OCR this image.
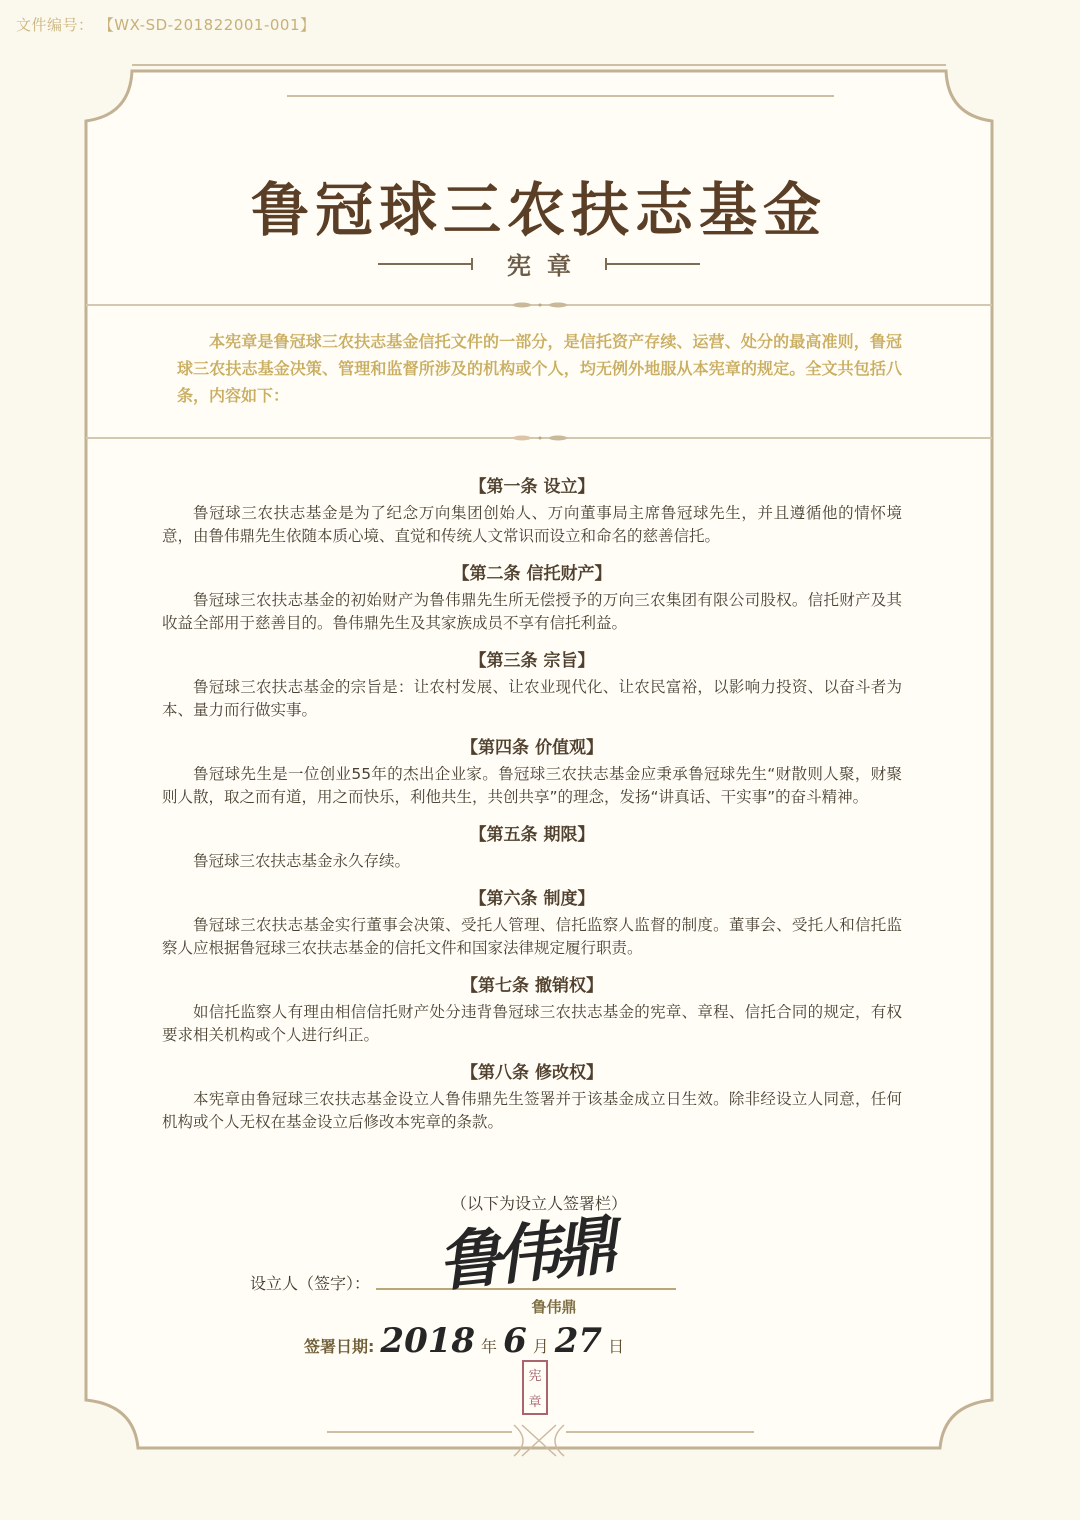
文件编号： 【WX-SD-201822001-001】
鲁冠球三农扶志基金
宪章

本宪章是鲁冠球三农扶志基金信托文件的一部分，是信托资产存续、运营、处分的最高准则，鲁冠球三农扶志基金决策、管理和监督所涉及的机构或个人，均无例外地服从本宪章的规定。全文共包括八条，内容如下：

【第一条 设立】

鲁冠球三农扶志基金是为了纪念万向集团创始人、万向董事局主席鲁冠球先生，并且遵循他的情怀境意，由鲁伟鼎先生依随本质心境、直觉和传统人文常识而设立和命名的慈善信托。

【第二条 信托财产】

鲁冠球三农扶志基金的初始财产为鲁伟鼎先生所无偿授予的万向三农集团有限公司股权。信托财产及其收益全部用于慈善目的。鲁伟鼎先生及其家族成员不享有信托利益。

【第三条 宗旨】

鲁冠球三农扶志基金的宗旨是：让农村发展、让农业现代化、让农民富裕，以影响力投资、以奋斗者为本、量力而行做实事。

【第四条 价值观】

鲁冠球先生是一位创业55年的杰出企业家。鲁冠球三农扶志基金应秉承鲁冠球先生“财散则人聚，财聚则人散，取之而有道，用之而快乐，利他共生，共创共享”的理念，发扬“讲真话、干实事”的奋斗精神。

【第五条 期限】

鲁冠球三农扶志基金永久存续。

【第六条 制度】

鲁冠球三农扶志基金实行董事会决策、受托人管理、信托监察人监督的制度。董事会、受托人和信托监察人应根据鲁冠球三农扶志基金的信托文件和国家法律规定履行职责。

【第七条 撤销权】

如信托监察人有理由相信信托财产处分违背鲁冠球三农扶志基金的宪章、章程、信托合同的规定，有权要求相关机构或个人进行纠正。

【第八条 修改权】

本宪章由鲁冠球三农扶志基金设立人鲁伟鼎先生签署并于该基金成立日生效。除非经设立人同意，任何机构或个人无权在基金设立后修改本宪章的条款。

（以下为设立人签署栏）
设立人（签字）： 鲁伟鼎
鲁伟鼎
签署日期: 2018 年 6 月 27 日
宪
章
